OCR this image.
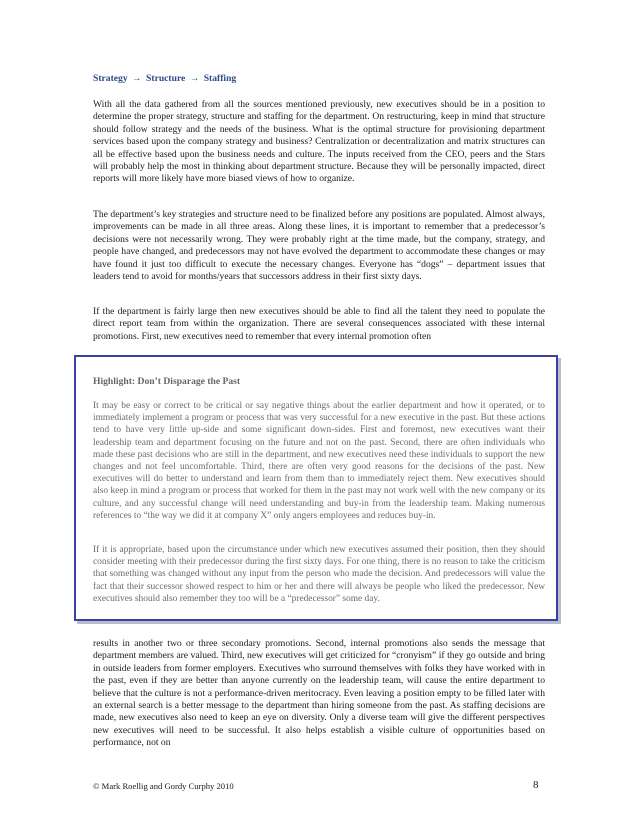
Strategy → Structure → Staffing

With all the data gathered from all the sources mentioned previously, new executives should be in a position to determine the proper strategy, structure and staffing for the department. On restructuring, keep in mind that structure should follow strategy and the needs of the business. What is the optimal structure for provisioning department services based upon the company strategy and business? Centralization or decentralization and matrix structures can all be effective based upon the business needs and culture. The inputs received from the CEO, peers and the Stars will probably help the most in thinking about department structure. Because they will be personally impacted, direct reports will more likely have more biased views of how to organize.

The department’s key strategies and structure need to be finalized before any positions are populated. Almost always, improvements can be made in all three areas. Along these lines, it is important to remember that a predecessor’s decisions were not necessarily wrong. They were probably right at the time made, but the company, strategy, and people have changed, and predecessors may not have evolved the department to accommodate these changes or may have found it just too difficult to execute the necessary changes. Everyone has “dogs” – department issues that leaders tend to avoid for months/years that successors address in their first sixty days.

If the department is fairly large then new executives should be able to find all the talent they need to populate the direct report team from within the organization. There are several consequences associated with these internal promotions. First, new executives need to remember that every internal promotion often

Highlight: Don’t Disparage the Past

It may be easy or correct to be critical or say negative things about the earlier department and how it operated, or to immediately implement a program or process that was very successful for a new executive in the past. But these actions tend to have very little up-side and some significant down-sides. First and foremost, new executives want their leadership team and department focusing on the future and not on the past. Second, there are often individuals who made these past decisions who are still in the department, and new executives need these individuals to support the new changes and not feel uncomfortable. Third, there are often very good reasons for the decisions of the past. New executives will do better to understand and learn from them than to immediately reject them. New executives should also keep in mind a program or process that worked for them in the past may not work well with the new company or its culture, and any successful change will need understanding and buy-in from the leadership team. Making numerous references to “the way we did it at company X” only angers employees and reduces buy-in.

If it is appropriate, based upon the circumstance under which new executives assumed their position, then they should consider meeting with their predecessor during the first sixty days. For one thing, there is no reason to take the criticism that something was changed without any input from the person who made the decision. And predecessors will value the fact that their successor showed respect to him or her and there will always be people who liked the predecessor. New executives should also remember they too will be a “predecessor” some day.

results in another two or three secondary promotions. Second, internal promotions also sends the message that department members are valued. Third, new executives will get criticized for “cronyism” if they go outside and bring in outside leaders from former employers. Executives who surround themselves with folks they have worked with in the past, even if they are better than anyone currently on the leadership team, will cause the entire department to believe that the culture is not a performance-driven meritocracy. Even leaving a position empty to be filled later with an external search is a better message to the department than hiring someone from the past. As staffing decisions are made, new executives also need to keep an eye on diversity. Only a diverse team will give the different perspectives new executives will need to be successful. It also helps establish a visible culture of opportunities based on performance, not on

© Mark Roellig and Gordy Curphy 2010	8
